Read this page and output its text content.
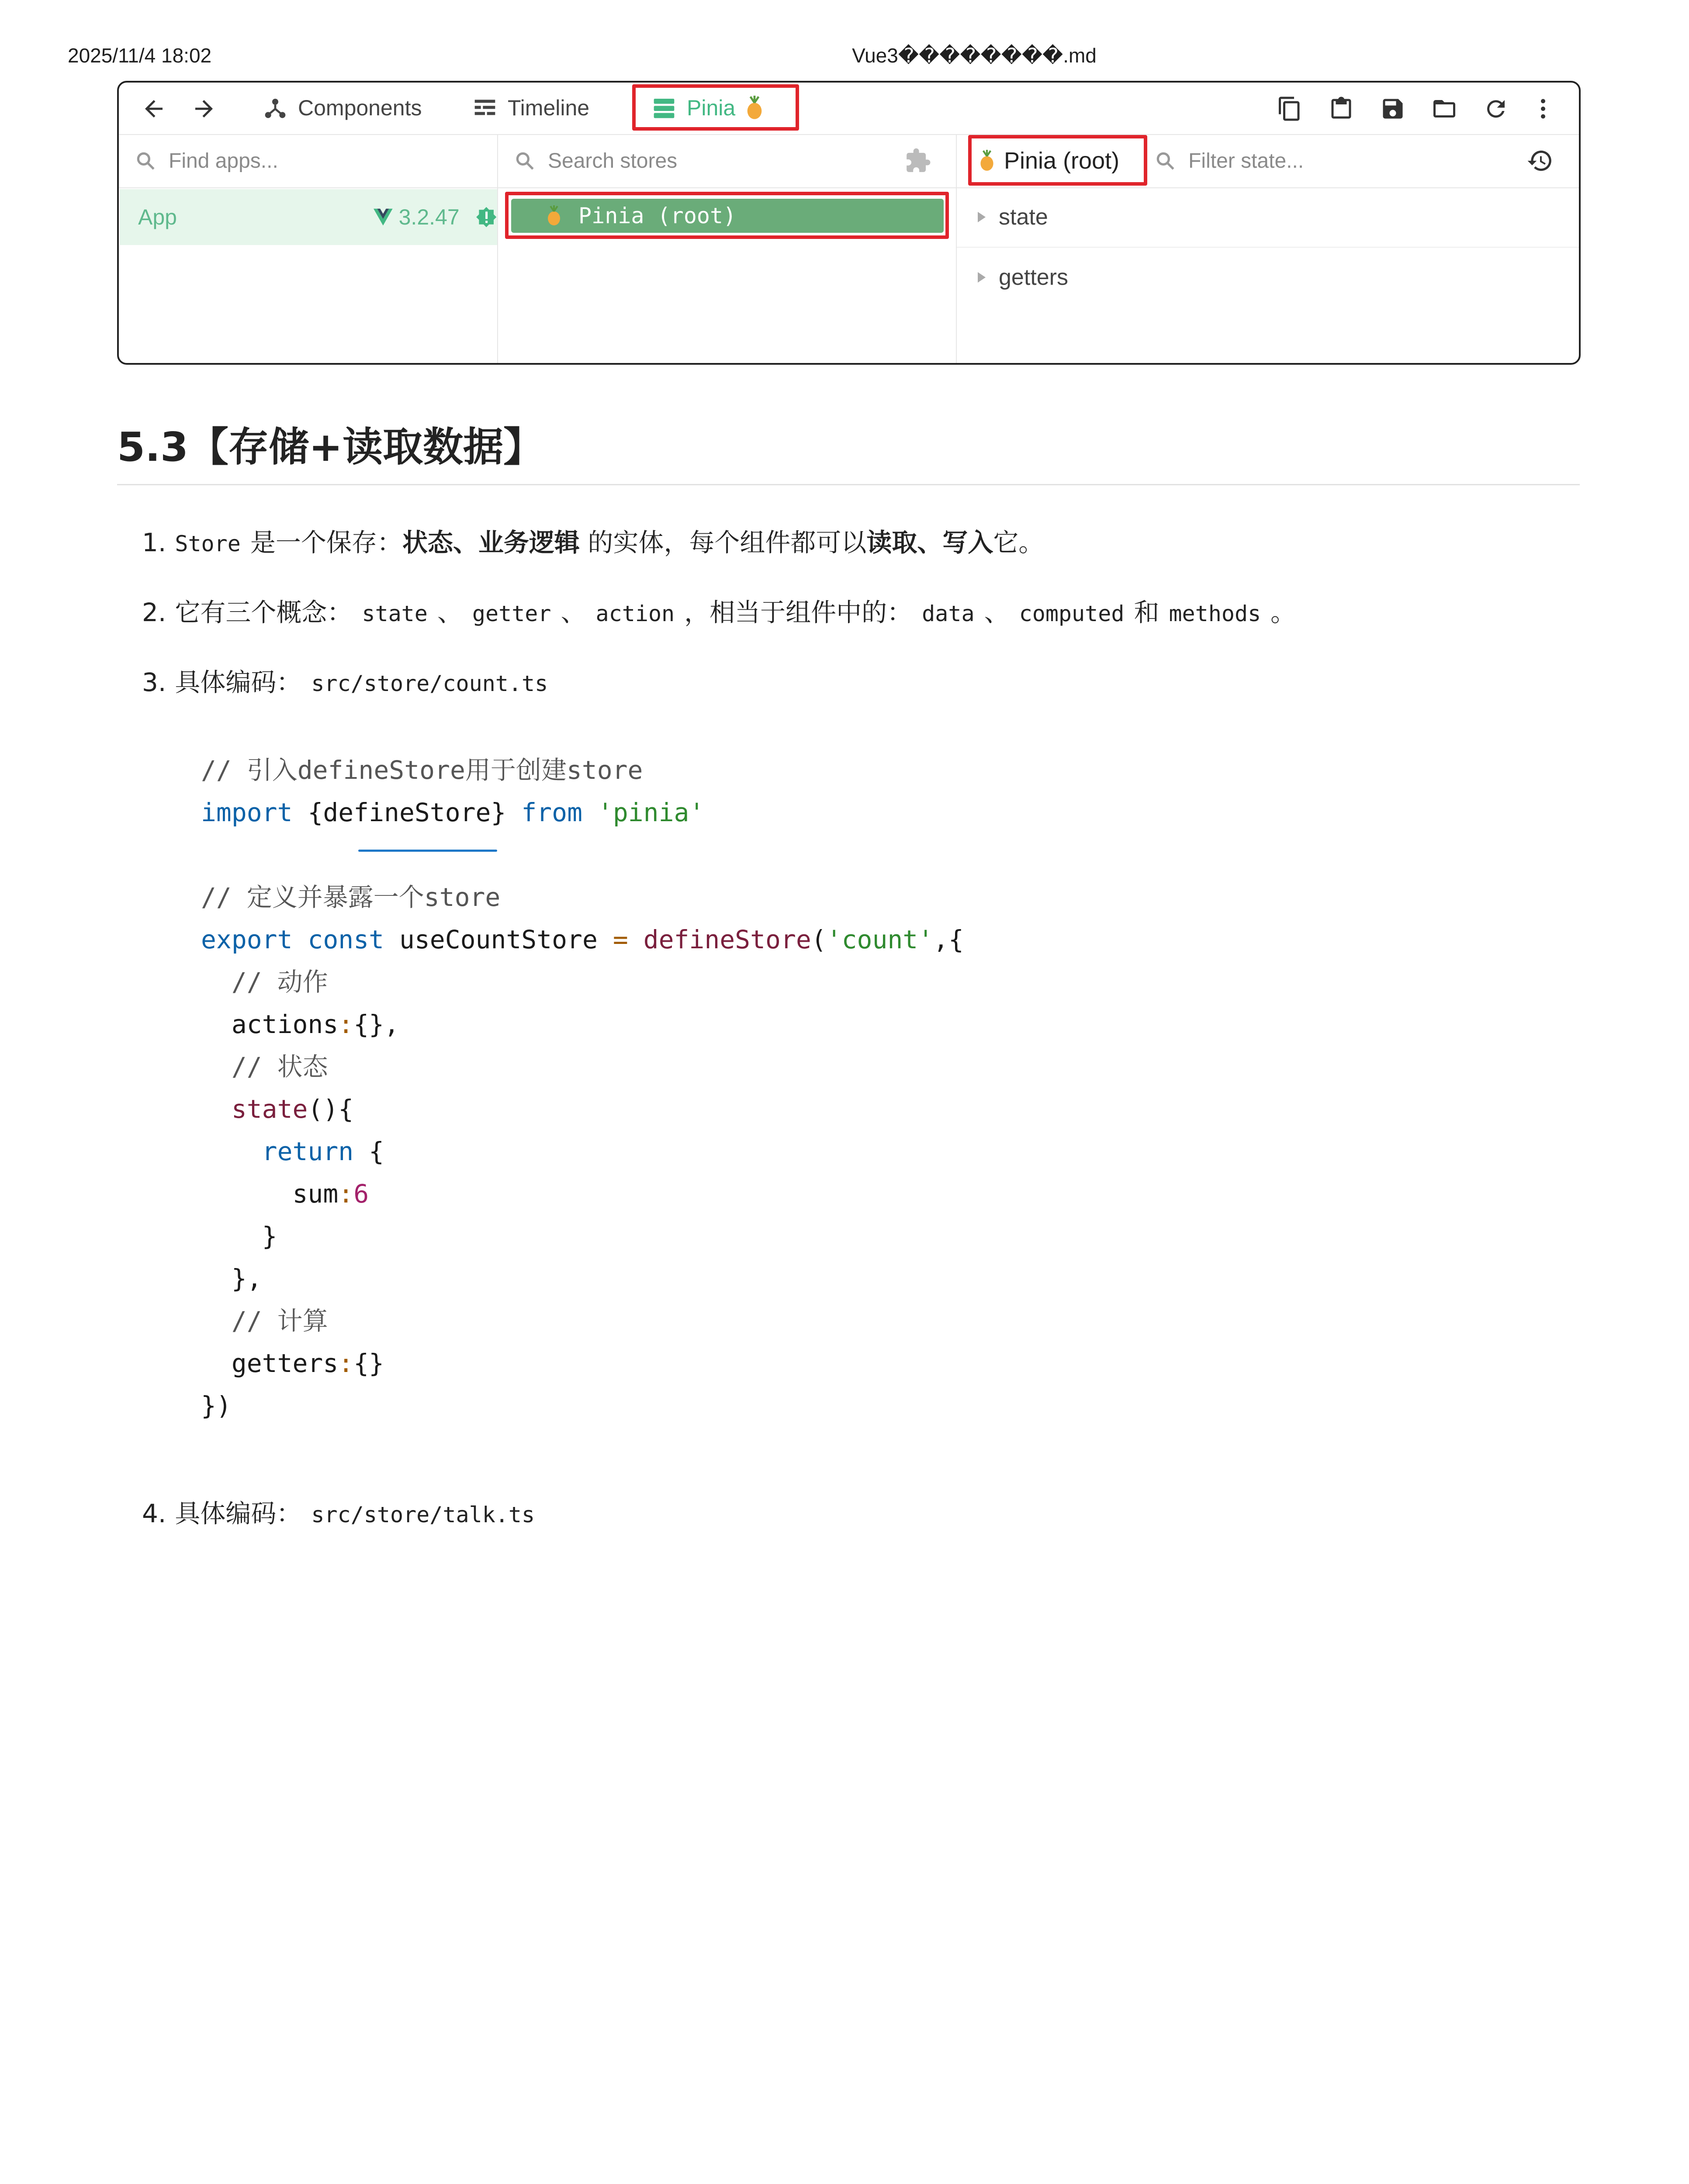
2025/11/4 18:02	Vue3��������.md
Components	Timeline	Pinia
Find apps...
App	3.2.47
Search stores
Pinia (root)
Pinia (root)	Filter state...
state
getters
5.3【存储+读取数据】
1. Store 是一个保存：状态、业务逻辑 的实体，每个组件都可以读取、写入它。
2. 它有三个概念： state 、 getter 、 action ，相当于组件中的： data 、 computed 和 methods 。
3. 具体编码： src/store/count.ts
// 引入defineStore用于创建store
import {defineStore} from 'pinia'
// 定义并暴露一个store
export const useCountStore = defineStore('count',{
// 动作
actions:{},
// 状态
state(){
return {
sum:6
}
},
// 计算
getters:{}
})
4. 具体编码： src/store/talk.ts
